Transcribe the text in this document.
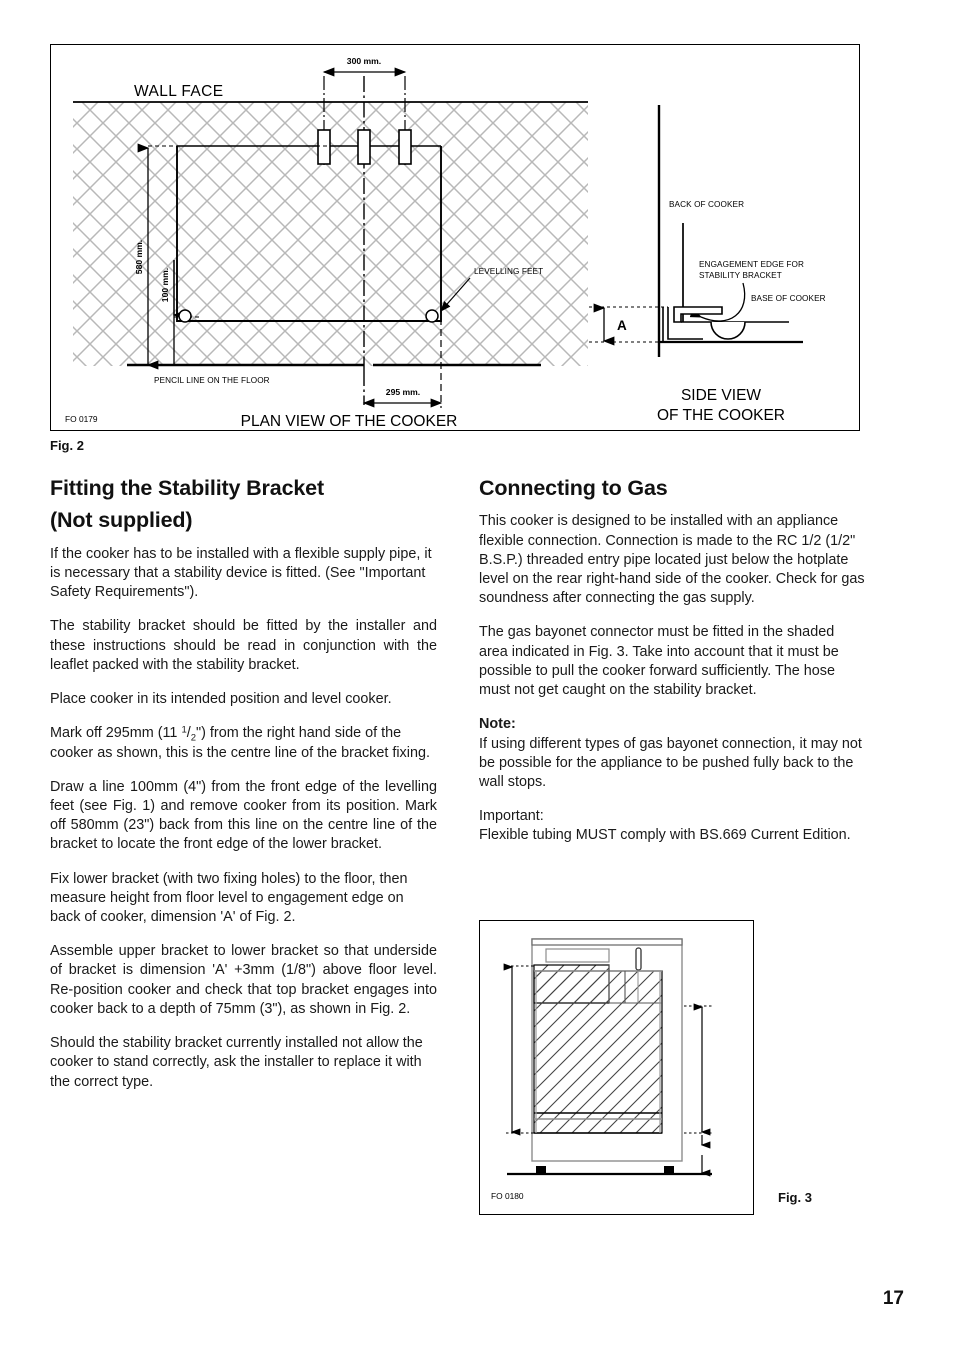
WALL FACE
300 mm.
580 mm.
100 mm.	LEVELLING FEET
PENCIL LINE ON THE FLOOR
295 mm.
PLAN VIEW OF THE COOKER
BACK OF COOKER
ENGAGEMENT EDGE FOR
STABILITY BRACKET
BASE OF COOKER
A
SIDE VIEW
OF THE COOKER
FO 0179
Fig. 2
Fitting the Stability Bracket
(Not supplied)

If the cooker has to be installed with a flexible supply pipe, it is necessary that a stability device is fitted. (See "Important Safety Requirements").

The stability bracket should be fitted by the installer and these instructions should be read in conjunction with the leaflet packed with the stability bracket.

Place cooker in its intended position and level cooker.

Mark off 295mm (11 $^1/_2$") from the right hand side of the cooker as shown, this is the centre line of the bracket fixing.

Draw a line 100mm (4") from the front edge of the levelling feet (see Fig. 1) and remove cooker from its position. Mark off 580mm (23") back from this line on the centre line of the bracket to locate the front edge of the lower bracket.

Fix lower bracket (with two fixing holes) to the floor, then measure height from floor level to engagement edge on back of cooker, dimension 'A' of Fig. 2.

Assemble upper bracket to lower bracket so that underside of bracket is dimension 'A' +3mm (1/8") above floor level. Re-position cooker and check that top bracket engages into cooker back to a depth of 75mm (3"), as shown in Fig. 2.

Should the stability bracket currently installed not allow the cooker to stand correctly, ask the installer to replace it with the correct type.

Connecting to Gas

This cooker is designed to be installed with an appliance flexible connection. Connection is made to the RC 1/2 (1/2" B.S.P.) threaded entry pipe located just below the hotplate level on the rear right-hand side of the cooker. Check for gas soundness after connecting the gas supply.

The gas bayonet connector must be fitted in the shaded area indicated in Fig. 3. Take into account that it must be possible to pull the cooker forward sufficiently. The hose must not get caught on the stability bracket.

Note:

If using different types of gas bayonet connection, it may not be possible for the appliance to be pushed fully back to the wall stops.

Important:

Flexible tubing MUST comply with BS.669 Current Edition.

FO 0180	Fig. 3
17
